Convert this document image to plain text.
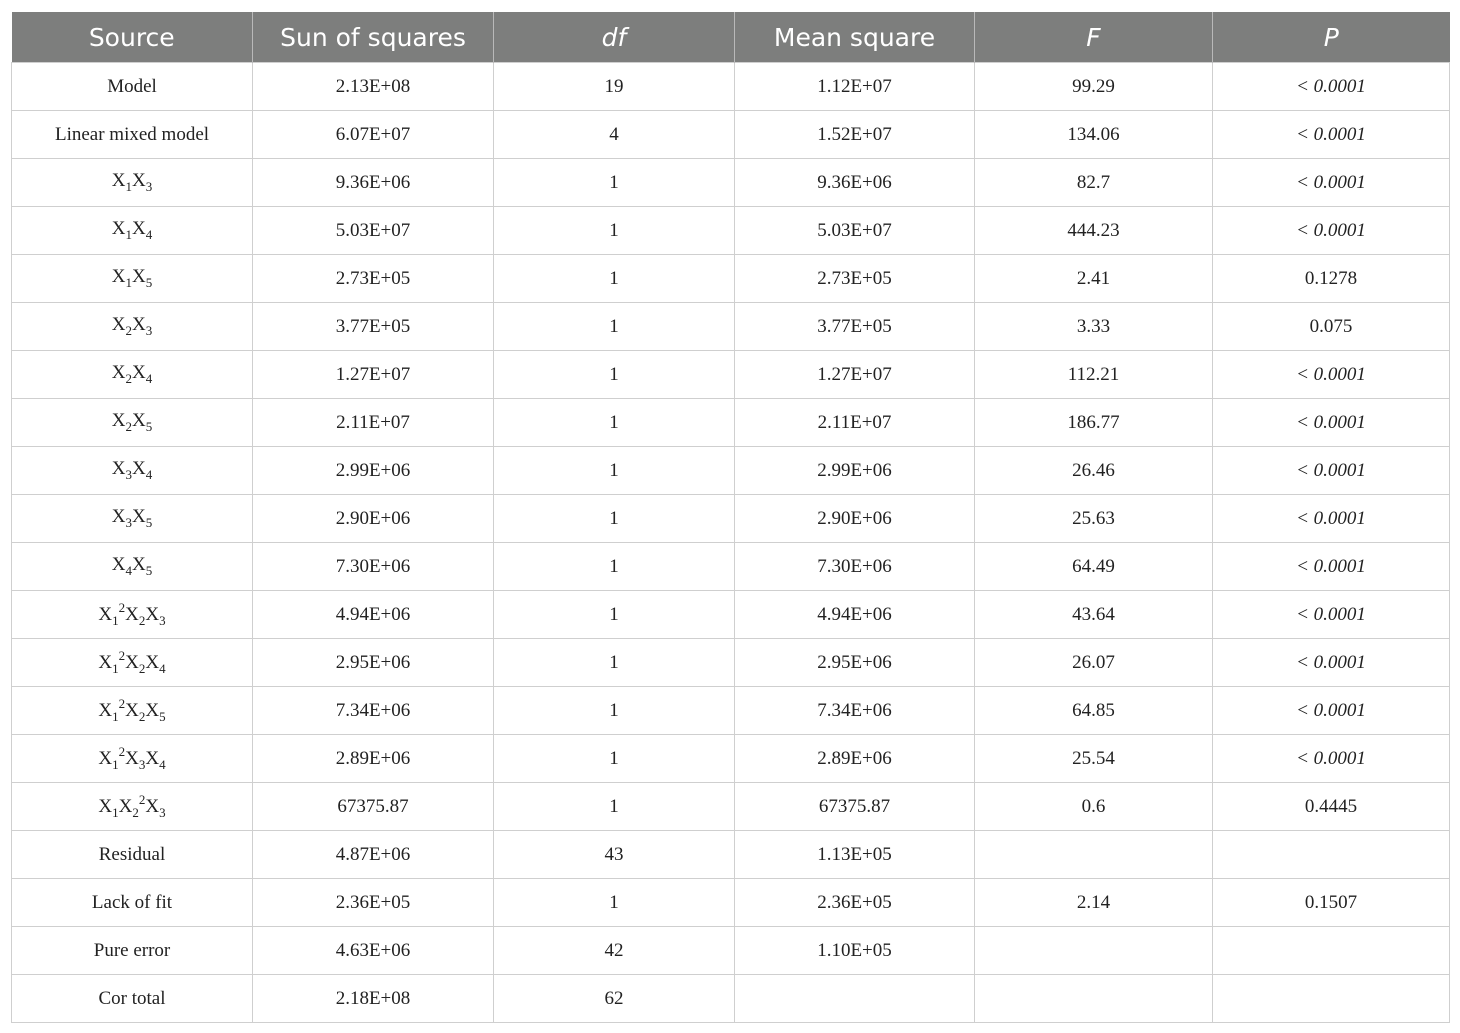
Source	Sun of squares	df	Mean square	F	P
Model	2.13E+08	19	1.12E+07	99.29	< 0.0001
Linear mixed model	6.07E+07	4	1.52E+07	134.06	< 0.0001
$X_1X_3$	9.36E+06	1	9.36E+06	82.7	< 0.0001
$X_1X_4$	5.03E+07	1	5.03E+07	444.23	< 0.0001
$X_1X_5$	2.73E+05	1	2.73E+05	2.41	0.1278
$X_2X_3$	3.77E+05	1	3.77E+05	3.33	0.075
$X_2X_4$	1.27E+07	1	1.27E+07	112.21	< 0.0001
$X_2X_5$	2.11E+07	1	2.11E+07	186.77	< 0.0001
$X_3X_4$	2.99E+06	1	2.99E+06	26.46	< 0.0001
$X_3X_5$	2.90E+06	1	2.90E+06	25.63	< 0.0001
$X_4X_5$	7.30E+06	1	7.30E+06	64.49	< 0.0001
$X_1^2X_2X_3$	4.94E+06	1	4.94E+06	43.64	< 0.0001
$X_1^2X_2X_4$	2.95E+06	1	2.95E+06	26.07	< 0.0001
$X_1^2X_2X_5$	7.34E+06	1	7.34E+06	64.85	< 0.0001
$X_1^2X_3X_4$	2.89E+06	1	2.89E+06	25.54	< 0.0001
$X_1X_2^2X_3$	67375.87	1	67375.87	0.6	0.4445
Residual	4.87E+06	43	1.13E+05		
Lack of fit	2.36E+05	1	2.36E+05	2.14	0.1507
Pure error	4.63E+06	42	1.10E+05		
Cor total	2.18E+08	62			
